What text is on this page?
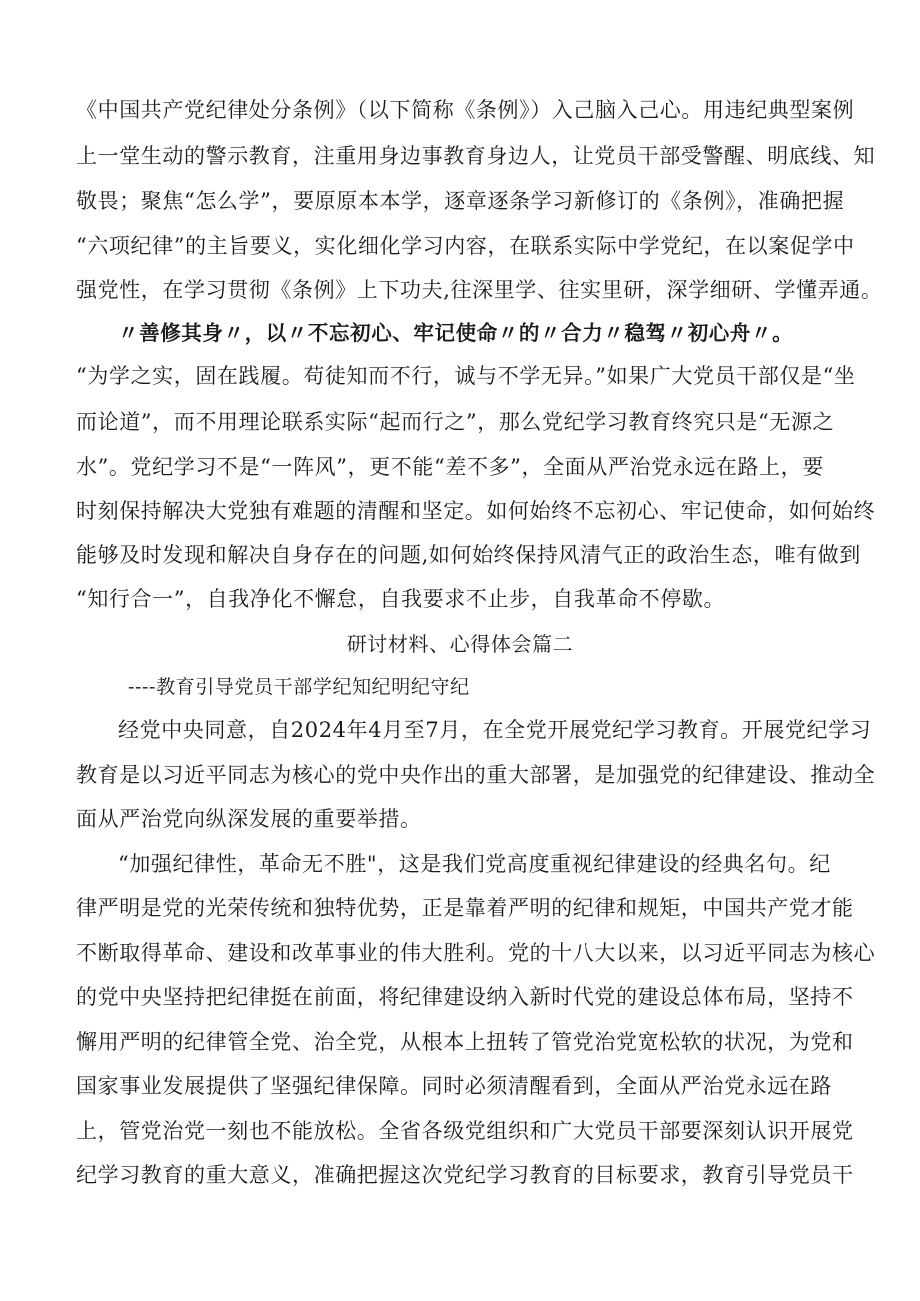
《中国共产党纪律处分条例》（以下简称《条例》）入己脑入己心。用违纪典型案例
上一堂生动的警示教育，注重用身边事教育身边人，让党员干部受警醒、明底线、知
敬畏；聚焦“怎么学”，要原原本本学，逐章逐条学习新修订的《条例》，准确把握
“六项纪律”的主旨要义，实化细化学习内容，在联系实际中学党纪，在以案促学中
强党性，在学习贯彻《条例》上下功夫,往深里学、往实里研，深学细研、学懂弄通。
〃善修其身〃，以〃不忘初心、牢记使命〃的〃合力〃稳驾〃初心舟〃。
“为学之实，固在践履。苟徒知而不行，诚与不学无异。”如果广大党员干部仅是“坐
而论道”，而不用理论联系实际“起而行之”，那么党纪学习教育终究只是“无源之
水”。党纪学习不是“一阵风”，更不能“差不多”，全面从严治党永远在路上，要
时刻保持解决大党独有难题的清醒和坚定。如何始终不忘初心、牢记使命，如何始终
能够及时发现和解决自身存在的问题,如何始终保持风清气正的政治生态，唯有做到
“知行合一”，自我净化不懈怠，自我要求不止步，自我革命不停歇。
研讨材料、心得体会篇二
----教育引导党员干部学纪知纪明纪守纪
经党中央同意，自2024年4月至7月，在全党开展党纪学习教育。开展党纪学习
教育是以习近平同志为核心的党中央作出的重大部署，是加强党的纪律建设、推动全
面从严治党向纵深发展的重要举措。
“加强纪律性，革命无不胜"，这是我们党高度重视纪律建设的经典名句。纪
律严明是党的光荣传统和独特优势，正是靠着严明的纪律和规矩，中国共产党才能
不断取得革命、建设和改革事业的伟大胜利。党的十八大以来，以习近平同志为核心
的党中央坚持把纪律挺在前面，将纪律建设纳入新时代党的建设总体布局，坚持不
懈用严明的纪律管全党、治全党，从根本上扭转了管党治党宽松软的状况，为党和
国家事业发展提供了坚强纪律保障。同时必须清醒看到，全面从严治党永远在路
上，管党治党一刻也不能放松。全省各级党组织和广大党员干部要深刻认识开展党
纪学习教育的重大意义，准确把握这次党纪学习教育的目标要求，教育引导党员干
